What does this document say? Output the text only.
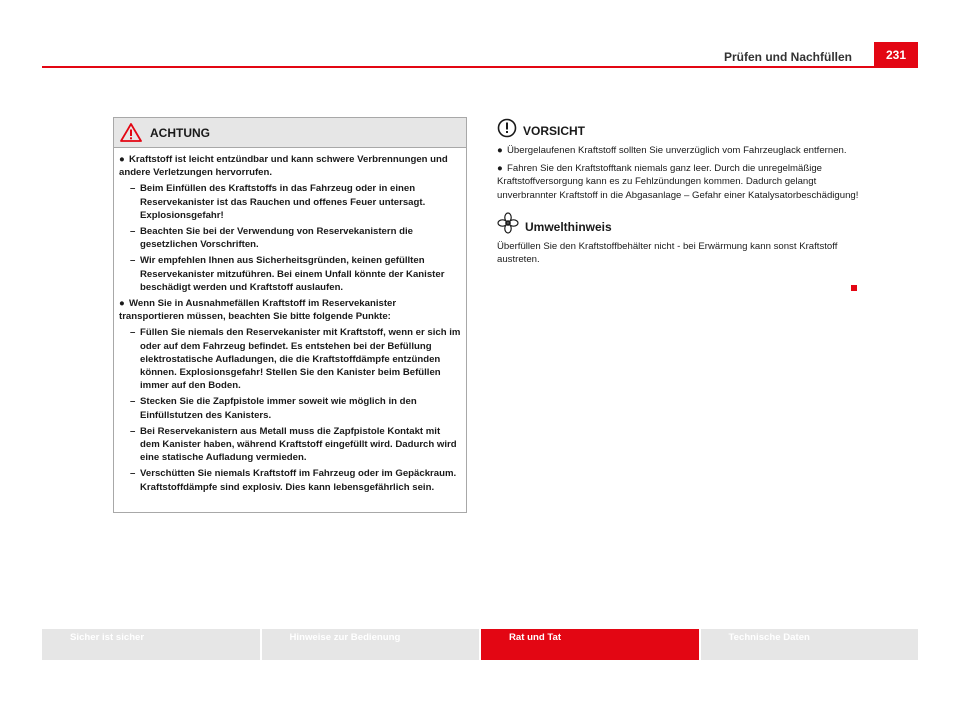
Prüfen und Nachfüllen	231
ACHTUNG

● Kraftstoff ist leicht entzündbar und kann schwere Verbrennungen und andere Verletzungen hervorrufen.

– Beim Einfüllen des Kraftstoffs in das Fahrzeug oder in einen Reservekanister ist das Rauchen und offenes Feuer untersagt. Explosionsgefahr!

– Beachten Sie bei der Verwendung von Reservekanistern die gesetzlichen Vorschriften.

– Wir empfehlen Ihnen aus Sicherheitsgründen, keinen gefüllten Reservekanister mitzuführen. Bei einem Unfall könnte der Kanister beschädigt werden und Kraftstoff auslaufen.

● Wenn Sie in Ausnahmefällen Kraftstoff im Reservekanister transportieren müssen, beachten Sie bitte folgende Punkte:

– Füllen Sie niemals den Reservekanister mit Kraftstoff, wenn er sich im oder auf dem Fahrzeug befindet. Es entstehen bei der Befüllung elektrostatische Aufladungen, die die Kraftstoffdämpfe entzünden können. Explosionsgefahr! Stellen Sie den Kanister beim Befüllen immer auf den Boden.

– Stecken Sie die Zapfpistole immer soweit wie möglich in den Einfüllstutzen des Kanisters.

– Bei Reservekanistern aus Metall muss die Zapfpistole Kontakt mit dem Kanister haben, während Kraftstoff eingefüllt wird. Dadurch wird eine statische Aufladung vermieden.

– Verschütten Sie niemals Kraftstoff im Fahrzeug oder im Gepäckraum. Kraftstoffdämpfe sind explosiv. Dies kann lebensgefährlich sein.

VORSICHT

● Übergelaufenen Kraftstoff sollten Sie unverzüglich vom Fahrzeuglack entfernen.

● Fahren Sie den Kraftstofftank niemals ganz leer. Durch die unregelmäßige Kraftstoffversorgung kann es zu Fehlzündungen kommen. Dadurch gelangt unverbrannter Kraftstoff in die Abgasanlage – Gefahr einer Katalysatorbeschädigung!

Umwelthinweis

Überfüllen Sie den Kraftstoffbehälter nicht - bei Erwärmung kann sonst Kraftstoff austreten.

Sicher ist sicher	Hinweise zur Bedienung	Rat und Tat	Technische Daten
